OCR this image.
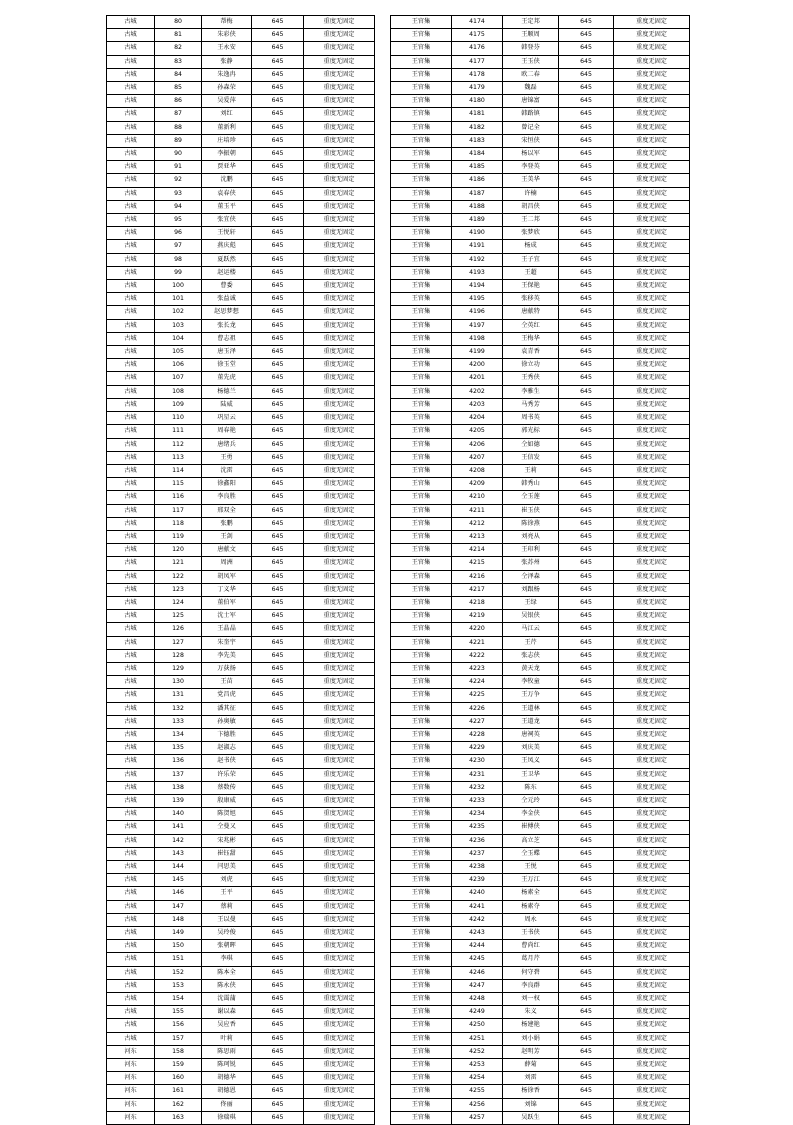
古城	80	帮梅	645	重度无固定
古城	81	朱彩侠	645	重度无固定
古城	82	王永安	645	重度无固定
古城	83	张静	645	重度无固定
古城	84	朱逸冉	645	重度无固定
古城	85	孙森荣	645	重度无固定
古城	86	吴爱萍	645	重度无固定
古城	87	刘红	645	重度无固定
古城	88	董新利	645	重度无固定
古城	89	庄培珍	645	重度无固定
古城	90	李振朝	645	重度无固定
古城	91	贾亚华	645	重度无固定
古城	92	沈鹏	645	重度无固定
古城	93	袁春侠	645	重度无固定
古城	94	董玉平	645	重度无固定
古城	95	张宜侠	645	重度无固定
古城	96	王悦轩	645	重度无固定
古城	97	燕庆彪	645	重度无固定
古城	98	夏跃然	645	重度无固定
古城	99	赵运楼	645	重度无固定
古城	100	曹委	645	重度无固定
古城	101	张益诚	645	重度无固定
古城	102	赵思梦想	645	重度无固定
古城	103	张长龙	645	重度无固定
古城	104	曹志祖	645	重度无固定
古城	105	唐玉泽	645	重度无固定
古城	106	徐玉堂	645	重度无固定
古城	107	董先虎	645	重度无固定
古城	108	杨德兰	645	重度无固定
古城	109	陆威	645	重度无固定
古城	110	巩星云	645	重度无固定
古城	111	周春艳	645	重度无固定
古城	112	唐绪兵	645	重度无固定
古城	113	王勇	645	重度无固定
古城	114	沈雷	645	重度无固定
古城	115	徐鑫阳	645	重度无固定
古城	116	李良胜	645	重度无固定
古城	117	邢双全	645	重度无固定
古城	118	张鹏	645	重度无固定
古城	119	王剑	645	重度无固定
古城	120	唐献文	645	重度无固定
古城	121	周洲	645	重度无固定
古城	122	胡凤军	645	重度无固定
古城	123	丁义华	645	重度无固定
古城	124	董伯军	645	重度无固定
古城	125	沈士军	645	重度无固定
古城	126	王晶晶	645	重度无固定
古城	127	朱奎宇	645	重度无固定
古城	128	李先美	645	重度无固定
古城	129	万荻扬	645	重度无固定
古城	130	王苗	645	重度无固定
古城	131	党昌虎	645	重度无固定
古城	132	潘其征	645	重度无固定
古城	133	孙奥敏	645	重度无固定
古城	134	卞德胜	645	重度无固定
古城	135	赵淑志	645	重度无固定
古城	136	赵书侠	645	重度无固定
古城	137	许乐荣	645	重度无固定
古城	138	蔡数传	645	重度无固定
古城	139	殷康威	645	重度无固定
古城	140	陈贺旭	645	重度无固定
古城	141	仝曼又	645	重度无固定
古城	142	宋兆彬	645	重度无固定
古城	143	崔钰甜	645	重度无固定
古城	144	闫思美	645	重度无固定
古城	145	刘虎	645	重度无固定
古城	146	王平	645	重度无固定
古城	147	蔡莉	645	重度无固定
古城	148	王以曼	645	重度无固定
古城	149	吴玲俊	645	重度无固定
古城	150	张朝晖	645	重度无固定
古城	151	李琪	645	重度无固定
古城	152	陈本全	645	重度无固定
古城	153	陈永侠	645	重度无固定
古城	154	沈霭蒲	645	重度无固定
古城	155	谢以森	645	重度无固定
古城	156	吴应香	645	重度无固定
古城	157	叶莉	645	重度无固定
河东	158	陈思雨	645	重度无固定
河东	159	陈珂锐	645	重度无固定
河东	160	胡德华	645	重度无固定
河东	161	胡德恩	645	重度无固定
河东	162	佟丽	645	重度无固定
河东	163	徐瑞琪	645	重度无固定
王官集	4174	王定邦	645	重度无固定
王官集	4175	王顺周	645	重度无固定
王官集	4176	韩登芬	645	重度无固定
王官集	4177	王玉侠	645	重度无固定
王官集	4178	欧二春	645	重度无固定
王官集	4179	魏磊	645	重度无固定
王官集	4180	唐锦富	645	重度无固定
王官集	4181	韩路镇	645	重度无固定
王官集	4182	曾记全	645	重度无固定
王官集	4183	宋恒侠	645	重度无固定
王官集	4184	杨以军	645	重度无固定
王官集	4185	李登英	645	重度无固定
王官集	4186	王美华	645	重度无固定
王官集	4187	许楠	645	重度无固定
王官集	4188	胡昌侠	645	重度无固定
王官集	4189	王二邦	645	重度无固定
王官集	4190	张梦欣	645	重度无固定
王官集	4191	杨成	645	重度无固定
王官集	4192	王子宜	645	重度无固定
王官集	4193	王超	645	重度无固定
王官集	4194	王保艳	645	重度无固定
王官集	4195	张移英	645	重度无固定
王官集	4196	唐献特	645	重度无固定
王官集	4197	仝英红	645	重度无固定
王官集	4198	王梅华	645	重度无固定
王官集	4199	袁青香	645	重度无固定
王官集	4200	徐立功	645	重度无固定
王官集	4201	王秀侠	645	重度无固定
王官集	4202	李雅生	645	重度无固定
王官集	4203	马秀芳	645	重度无固定
王官集	4204	周书英	645	重度无固定
王官集	4205	郭光标	645	重度无固定
王官集	4206	仝如德	645	重度无固定
王官集	4207	王信发	645	重度无固定
王官集	4208	王莉	645	重度无固定
王官集	4209	韩秀山	645	重度无固定
王官集	4210	仝玉莲	645	重度无固定
王官集	4211	崔玉侠	645	重度无固定
王官集	4212	陈徐燕	645	重度无固定
王官集	4213	刘亮从	645	重度无固定
王官集	4214	王印利	645	重度无固定
王官集	4215	张苏州	645	重度无固定
王官集	4216	仝泽森	645	重度无固定
王官集	4217	刘跟杨	645	重度无固定
王官集	4218	王绿	645	重度无固定
王官集	4219	吴银侠	645	重度无固定
王官集	4220	马江云	645	重度无固定
王官集	4221	王芹	645	重度无固定
王官集	4222	张志侠	645	重度无固定
王官集	4223	黄天龙	645	重度无固定
王官集	4224	李牧童	645	重度无固定
王官集	4225	王万争	645	重度无固定
王官集	4226	王道林	645	重度无固定
王官集	4227	王道龙	645	重度无固定
王官集	4228	唐祠英	645	重度无固定
王官集	4229	刘庆美	645	重度无固定
王官集	4230	王凤义	645	重度无固定
王官集	4231	王卫华	645	重度无固定
王官集	4232	陈东	645	重度无固定
王官集	4233	仝元玲	645	重度无固定
王官集	4234	李金侠	645	重度无固定
王官集	4235	崔傅侠	645	重度无固定
王官集	4236	高立芝	645	重度无固定
王官集	4237	仝玉蝶	645	重度无固定
王官集	4238	王悦	645	重度无固定
王官集	4239	王万江	645	重度无固定
王官集	4240	杨素全	645	重度无固定
王官集	4241	杨素夺	645	重度无固定
王官集	4242	周永	645	重度无固定
王官集	4243	王书侠	645	重度无固定
王官集	4244	曹尚红	645	重度无固定
王官集	4245	葛月芹	645	重度无固定
王官集	4246	何守碧	645	重度无固定
王官集	4247	李良群	645	重度无固定
王官集	4248	刘一权	645	重度无固定
王官集	4249	朱义	645	重度无固定
王官集	4250	杨建艳	645	重度无固定
王官集	4251	刘小娟	645	重度无固定
王官集	4252	赵明芳	645	重度无固定
王官集	4253	薛菊	645	重度无固定
王官集	4254	刘雷	645	重度无固定
王官集	4255	杨徐香	645	重度无固定
王官集	4256	刘锦	645	重度无固定
王官集	4257	吴跃生	645	重度无固定
